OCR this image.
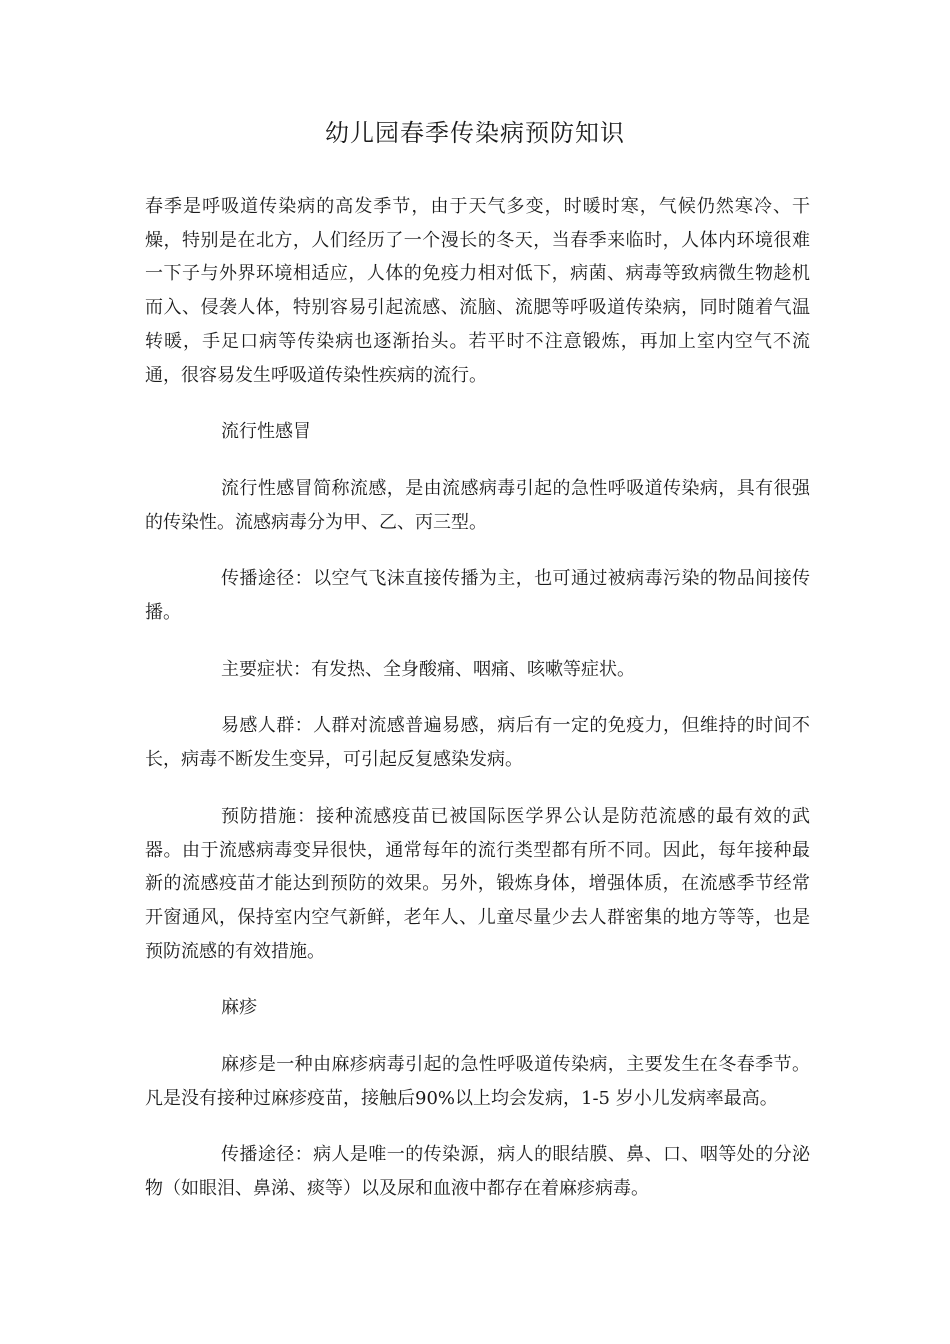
幼儿园春季传染病预防知识

春季是呼吸道传染病的高发季节，由于天气多变，时暖时寒，气候仍然寒冷、干燥，特别是在北方，人们经历了一个漫长的冬天，当春季来临时，人体内环境很难一下子与外界环境相适应，人体的免疫力相对低下，病菌、病毒等致病微生物趁机而入、侵袭人体，特别容易引起流感、流脑、流腮等呼吸道传染病，同时随着气温转暖，手足口病等传染病也逐渐抬头。若平时不注意锻炼，再加上室内空气不流通，很容易发生呼吸道传染性疾病的流行。

流行性感冒

流行性感冒简称流感，是由流感病毒引起的急性呼吸道传染病，具有很强的传染性。流感病毒分为甲、乙、丙三型。

传播途径：以空气飞沫直接传播为主，也可通过被病毒污染的物品间接传播。

主要症状：有发热、全身酸痛、咽痛、咳嗽等症状。

易感人群：人群对流感普遍易感，病后有一定的免疫力，但维持的时间不长，病毒不断发生变异，可引起反复感染发病。

预防措施：接种流感疫苗已被国际医学界公认是防范流感的最有效的武器。由于流感病毒变异很快，通常每年的流行类型都有所不同。因此，每年接种最新的流感疫苗才能达到预防的效果。另外，锻炼身体，增强体质，在流感季节经常开窗通风，保持室内空气新鲜，老年人、儿童尽量少去人群密集的地方等等，也是预防流感的有效措施。

麻疹

麻疹是一种由麻疹病毒引起的急性呼吸道传染病，主要发生在冬春季节。凡是没有接种过麻疹疫苗，接触后90%以上均会发病，1-5 岁小儿发病率最高。

传播途径：病人是唯一的传染源，病人的眼结膜、鼻、口、咽等处的分泌物（如眼泪、鼻涕、痰等）以及尿和血液中都存在着麻疹病毒。
